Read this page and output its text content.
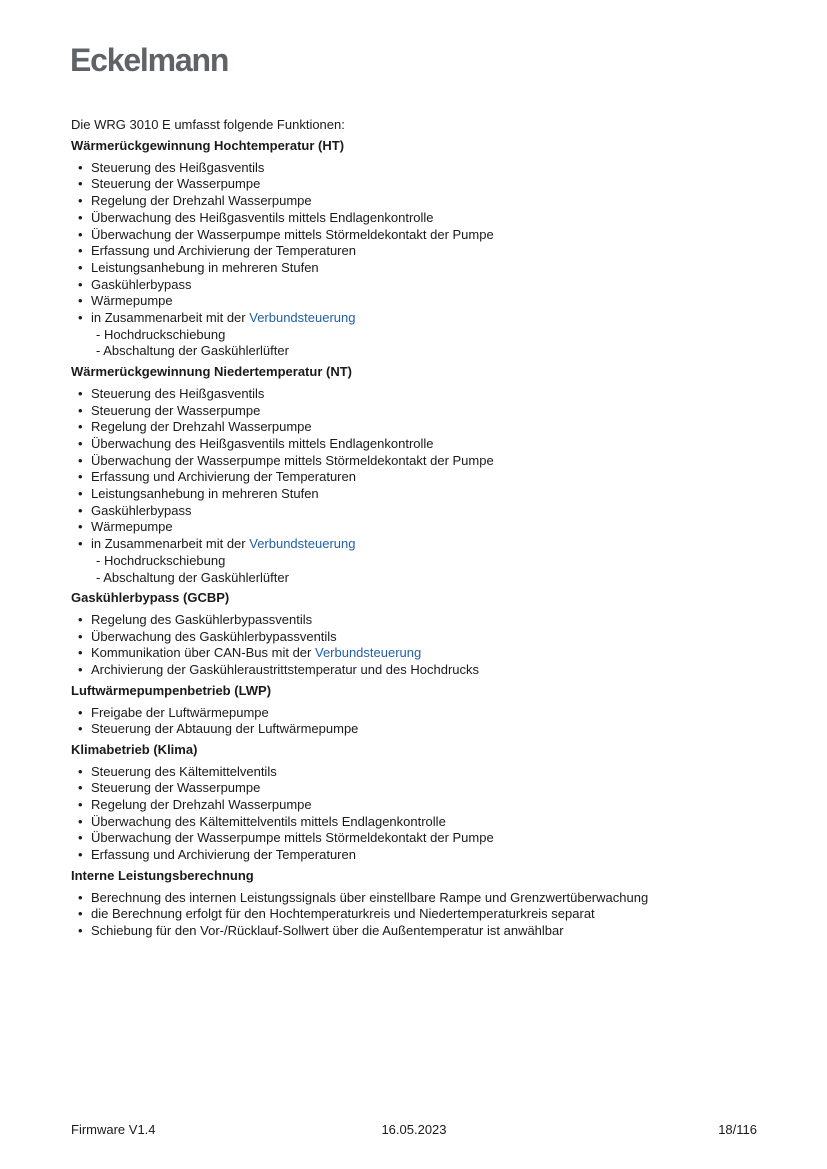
Eckelmann

Die WRG 3010 E umfasst folgende Funktionen:

Wärmerückgewinnung Hochtemperatur (HT)
• Steuerung des Heißgasventils
• Steuerung der Wasserpumpe
• Regelung der Drehzahl Wasserpumpe
• Überwachung des Heißgasventils mittels Endlagenkontrolle
• Überwachung der Wasserpumpe mittels Störmeldekontakt der Pumpe
• Erfassung und Archivierung der Temperaturen
• Leistungsanhebung in mehreren Stufen
• Gaskühlerbypass
• Wärmepumpe
• in Zusammenarbeit mit der Verbundsteuerung
- Hochdruckschiebung
- Abschaltung der Gaskühlerlüfter
Wärmerückgewinnung Niedertemperatur (NT)
• Steuerung des Heißgasventils
• Steuerung der Wasserpumpe
• Regelung der Drehzahl Wasserpumpe
• Überwachung des Heißgasventils mittels Endlagenkontrolle
• Überwachung der Wasserpumpe mittels Störmeldekontakt der Pumpe
• Erfassung und Archivierung der Temperaturen
• Leistungsanhebung in mehreren Stufen
• Gaskühlerbypass
• Wärmepumpe
• in Zusammenarbeit mit der Verbundsteuerung
- Hochdruckschiebung
- Abschaltung der Gaskühlerlüfter
Gaskühlerbypass (GCBP)
• Regelung des Gaskühlerbypassventils
• Überwachung des Gaskühlerbypassventils
• Kommunikation über CAN-Bus mit der Verbundsteuerung
• Archivierung der Gaskühleraustrittstemperatur und des Hochdrucks
Luftwärmepumpenbetrieb (LWP)
• Freigabe der Luftwärmepumpe
• Steuerung der Abtauung der Luftwärmepumpe
Klimabetrieb (Klima)
• Steuerung des Kältemittelventils
• Steuerung der Wasserpumpe
• Regelung der Drehzahl Wasserpumpe
• Überwachung des Kältemittelventils mittels Endlagenkontrolle
• Überwachung der Wasserpumpe mittels Störmeldekontakt der Pumpe
• Erfassung und Archivierung der Temperaturen
Interne Leistungsberechnung
• Berechnung des internen Leistungssignals über einstellbare Rampe und Grenzwertüberwachung
• die Berechnung erfolgt für den Hochtemperaturkreis und Niedertemperaturkreis separat
• Schiebung für den Vor-/Rücklauf-Sollwert über die Außentemperatur ist anwählbar
Firmware V1.4	16.05.2023	18/116
